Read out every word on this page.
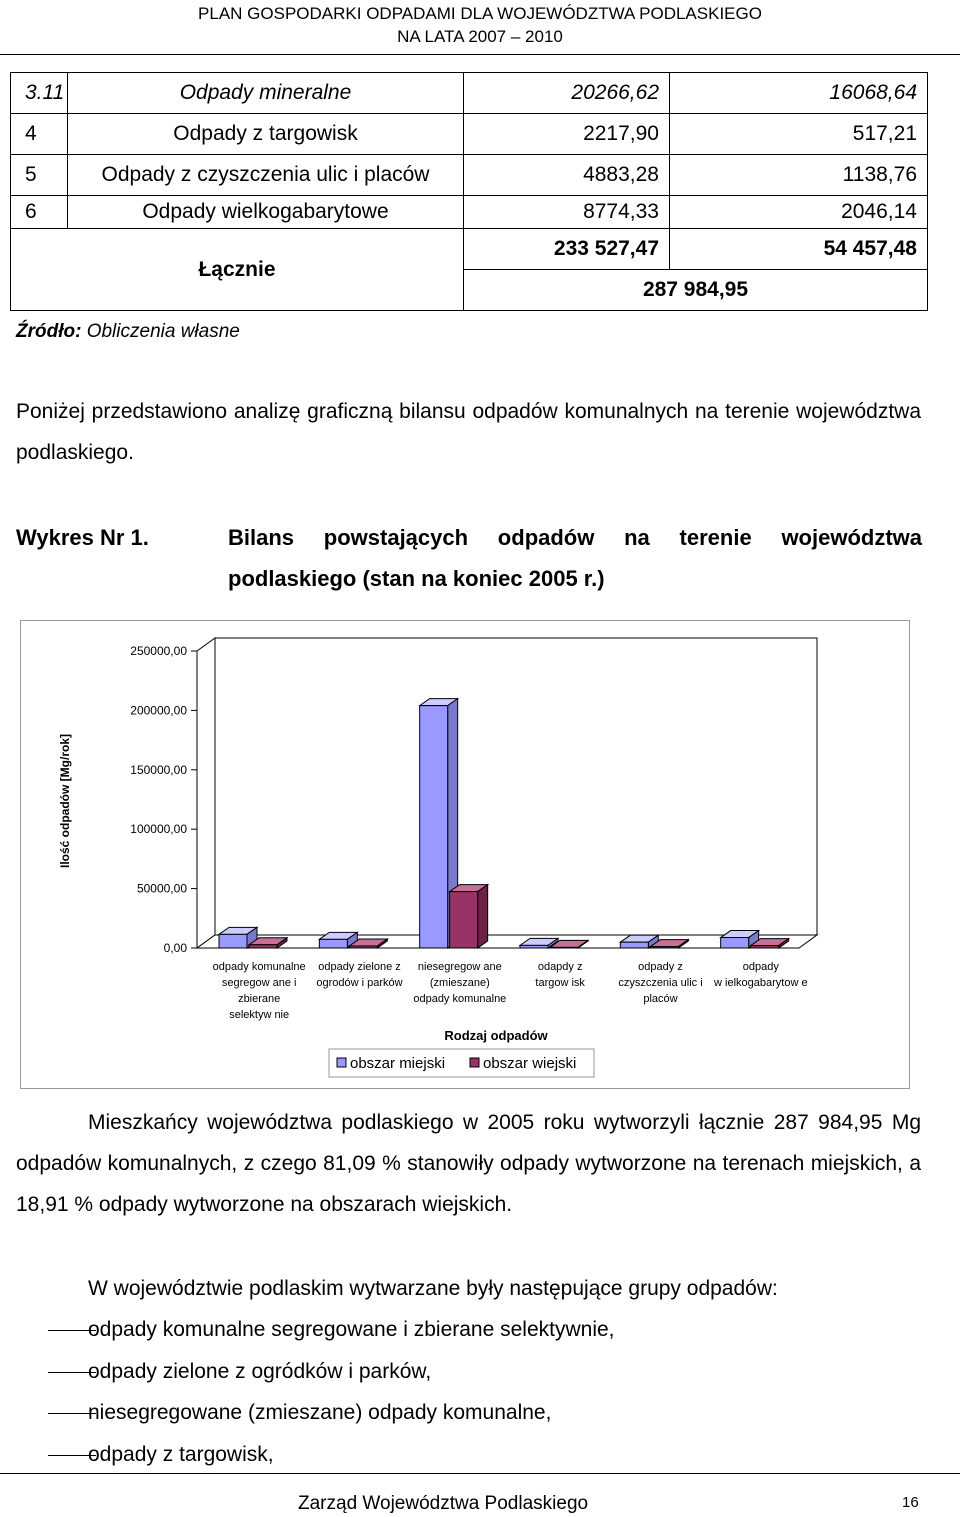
PLAN GOSPODARKI ODPADAMI DLA WOJEWÓDZTWA PODLASKIEGO
NA LATA 2007 – 2010
3.11	Odpady mineralne	20266,62	16068,64
4	Odpady z targowisk	2217,90	517,21
5	Odpady z czyszczenia ulic i placów	4883,28	1138,76
6	Odpady wielkogabarytowe	8774,33	2046,14
Łącznie		233 527,47	54 457,48
		287 984,95	
Źródło: Obliczenia własne

Poniżej przedstawiono analizę graficzną bilansu odpadów komunalnych na terenie województwa podlaskiego.

Wykres Nr 1.	Bilans powstających odpadów na terenie województwa
podlaskiego (stan na koniec 2005 r.)
0,00
50000,00
100000,00
150000,00
200000,00
250000,00
Ilość odpadów [Mg/rok]
odpady komunalne
segregow ane i
zbierane
selektyw nie
odpady zielone z
ogrodów i parków
niesegregow ane
(zmieszane)
odpady komunalne
odapdy z
targow isk
odpady z
czyszczenia ulic i
placów
odpady
w ielkogabarytow e
Rodzaj odpadów
obszar miejski	obszar wiejski

Mieszkańcy województwa podlaskiego w 2005 roku wytworzyli łącznie 287 984,95 Mg odpadów komunalnych, z czego 81,09 % stanowiły odpady wytworzone na terenach miejskich, a 18,91 % odpady wytworzone na obszarach wiejskich.

W województwie podlaskim wytwarzane były następujące grupy odpadów:

odpady komunalne segregowane i zbierane selektywnie,
odpady zielone z ogródków i parków,
niesegregowane (zmieszane) odpady komunalne,
odpady z targowisk,
Zarząd Województwa Podlaskiego	16
